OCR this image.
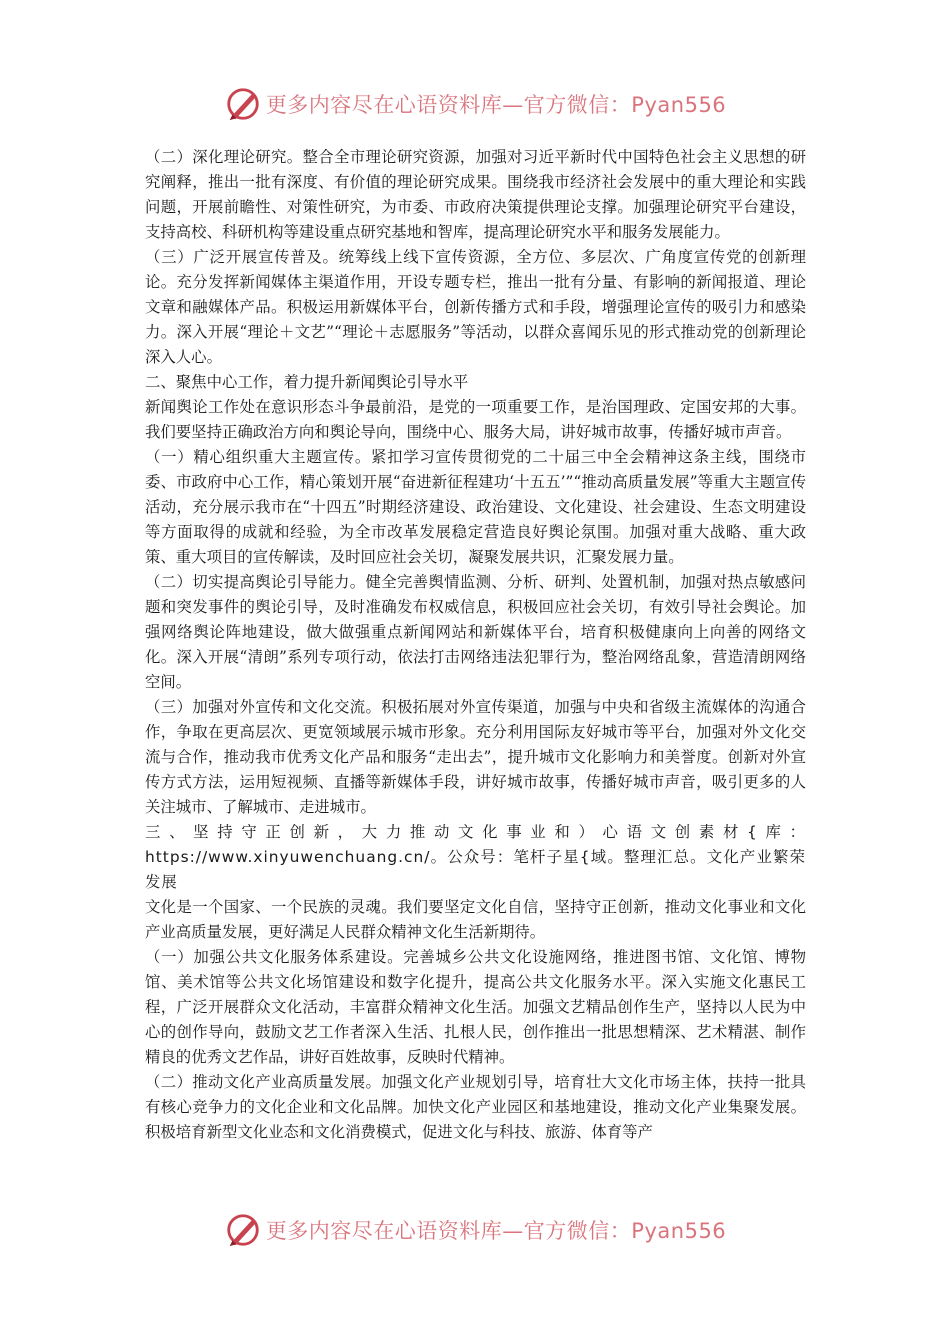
更多内容尽在心语资料库—官方微信：Pyan556

（二）深化理论研究。整合全市理论研究资源，加强对习近平新时代中国特色社会主义思想的研究阐释，推出一批有深度、有价值的理论研究成果。围绕我市经济社会发展中的重大理论和实践问题，开展前瞻性、对策性研究，为市委、市政府决策提供理论支撑。加强理论研究平台建设，支持高校、科研机构等建设重点研究基地和智库，提高理论研究水平和服务发展能力。

（三）广泛开展宣传普及。统筹线上线下宣传资源，全方位、多层次、广角度宣传党的创新理论。充分发挥新闻媒体主渠道作用，开设专题专栏，推出一批有分量、有影响的新闻报道、理论文章和融媒体产品。积极运用新媒体平台，创新传播方式和手段，增强理论宣传的吸引力和感染力。深入开展“理论＋文艺”“理论＋志愿服务”等活动，以群众喜闻乐见的形式推动党的创新理论深入人心。

二、聚焦中心工作，着力提升新闻舆论引导水平

新闻舆论工作处在意识形态斗争最前沿，是党的一项重要工作，是治国理政、定国安邦的大事。我们要坚持正确政治方向和舆论导向，围绕中心、服务大局，讲好城市故事，传播好城市声音。

（一）精心组织重大主题宣传。紧扣学习宣传贯彻党的二十届三中全会精神这条主线，围绕市委、市政府中心工作，精心策划开展“奋进新征程建功‘十五五’”“推动高质量发展”等重大主题宣传活动，充分展示我市在“十四五”时期经济建设、政治建设、文化建设、社会建设、生态文明建设等方面取得的成就和经验，为全市改革发展稳定营造良好舆论氛围。加强对重大战略、重大政策、重大项目的宣传解读，及时回应社会关切，凝聚发展共识，汇聚发展力量。

（二）切实提高舆论引导能力。健全完善舆情监测、分析、研判、处置机制，加强对热点敏感问题和突发事件的舆论引导，及时准确发布权威信息，积极回应社会关切，有效引导社会舆论。加强网络舆论阵地建设，做大做强重点新闻网站和新媒体平台，培育积极健康向上向善的网络文化。深入开展“清朗”系列专项行动，依法打击网络违法犯罪行为，整治网络乱象，营造清朗网络空间。

（三）加强对外宣传和文化交流。积极拓展对外宣传渠道，加强与中央和省级主流媒体的沟通合作，争取在更高层次、更宽领域展示城市形象。充分利用国际友好城市等平台，加强对外文化交流与合作，推动我市优秀文化产品和服务“走出去”，提升城市文化影响力和美誉度。创新对外宣传方式方法，运用短视频、直播等新媒体手段，讲好城市故事，传播好城市声音，吸引更多的人关注城市、了解城市、走进城市。

三、坚持守正创新，大力推动文化事业和）心语文创素材{库：https://www.xinyuwenchuang.cn/。公众号：笔杆子星{域。整理汇总。文化产业繁荣发展

文化是一个国家、一个民族的灵魂。我们要坚定文化自信，坚持守正创新，推动文化事业和文化产业高质量发展，更好满足人民群众精神文化生活新期待。

（一）加强公共文化服务体系建设。完善城乡公共文化设施网络，推进图书馆、文化馆、博物馆、美术馆等公共文化场馆建设和数字化提升，提高公共文化服务水平。深入实施文化惠民工程，广泛开展群众文化活动，丰富群众精神文化生活。加强文艺精品创作生产，坚持以人民为中心的创作导向，鼓励文艺工作者深入生活、扎根人民，创作推出一批思想精深、艺术精湛、制作精良的优秀文艺作品，讲好百姓故事，反映时代精神。

（二）推动文化产业高质量发展。加强文化产业规划引导，培育壮大文化市场主体，扶持一批具有核心竞争力的文化企业和文化品牌。加快文化产业园区和基地建设，推动文化产业集聚发展。积极培育新型文化业态和文化消费模式，促进文化与科技、旅游、体育等产

更多内容尽在心语资料库—官方微信：Pyan556
